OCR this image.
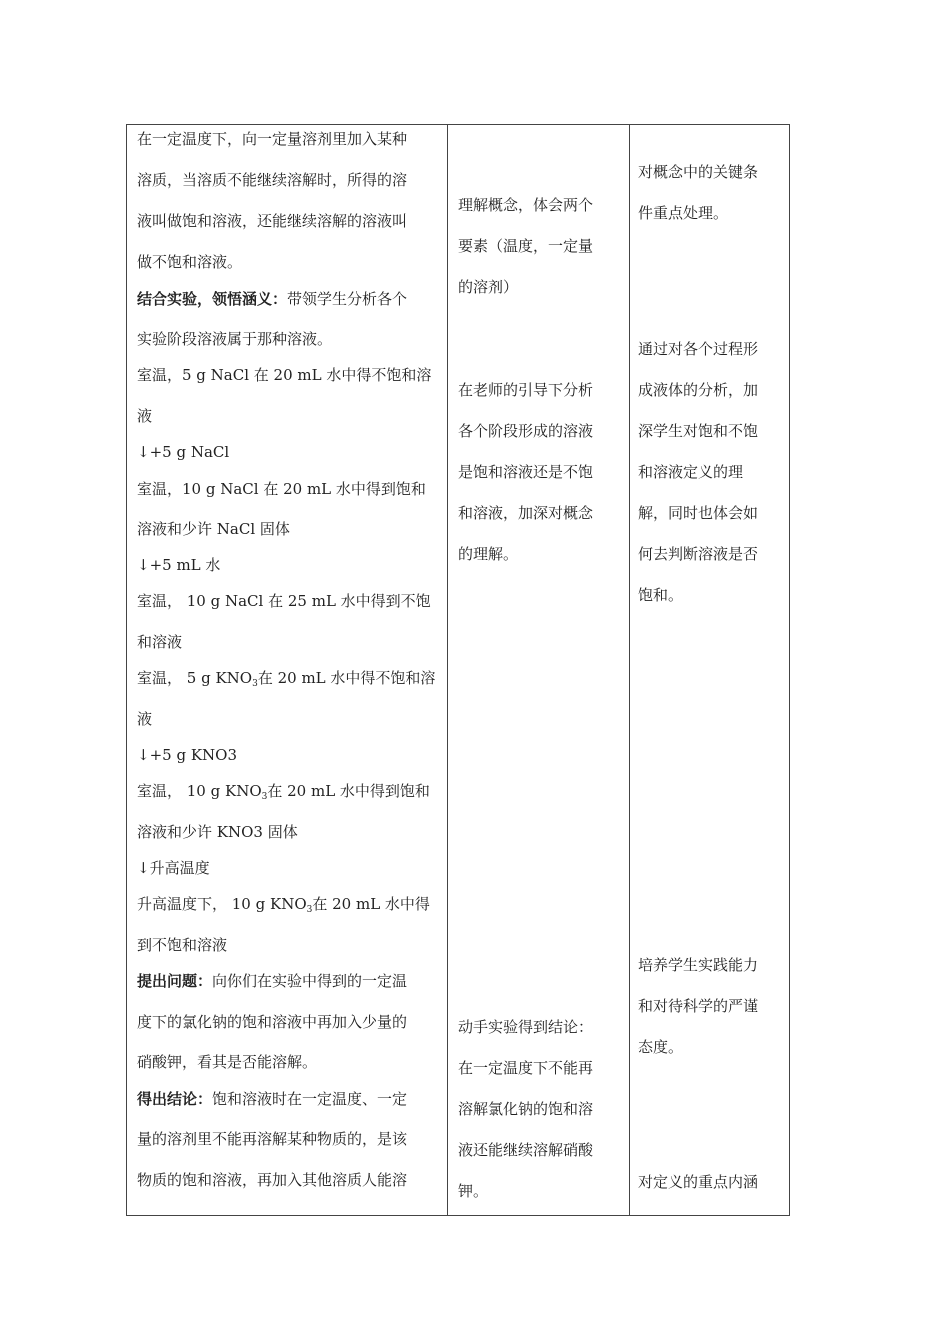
在一定温度下，向一定量溶剂里加入某种
溶质，当溶质不能继续溶解时，所得的溶
液叫做饱和溶液，还能继续溶解的溶液叫
做不饱和溶液。
结合实验，领悟涵义：带领学生分析各个
实验阶段溶液属于那种溶液。
室温，5 g NaCl 在 20 mL 水中得不饱和溶
液
↓+5 g NaCl
室温，10 g NaCl 在 20 mL 水中得到饱和
溶液和少许 NaCl 固体
↓+5 mL 水
室温， 10 g NaCl 在 25 mL 水中得到不饱
和溶液
室温， 5 g $KNO_3$在 20 mL 水中得不饱和溶
液
↓+5 g KNO3
室温， 10 g $KNO_3$在 20 mL 水中得到饱和
溶液和少许 KNO3 固体
↓升高温度
升高温度下， 10 g $KNO_3$在 20 mL 水中得
到不饱和溶液
提出问题：向你们在实验中得到的一定温
度下的氯化钠的饱和溶液中再加入少量的
硝酸钾，看其是否能溶解。
得出结论：饱和溶液时在一定温度、一定
量的溶剂里不能再溶解某种物质的，是该
物质的饱和溶液，再加入其他溶质人能溶
理解概念，体会两个
要素（温度，一定量
的溶剂）
在老师的引导下分析
各个阶段形成的溶液
是饱和溶液还是不饱
和溶液，加深对概念
的理解。
动手实验得到结论：
在一定温度下不能再
溶解氯化钠的饱和溶
液还能继续溶解硝酸
钾。
对概念中的关键条
件重点处理。
通过对各个过程形
成液体的分析，加
深学生对饱和不饱
和溶液定义的理
解，同时也体会如
何去判断溶液是否
饱和。
培养学生实践能力
和对待科学的严谨
态度。
对定义的重点内涵
